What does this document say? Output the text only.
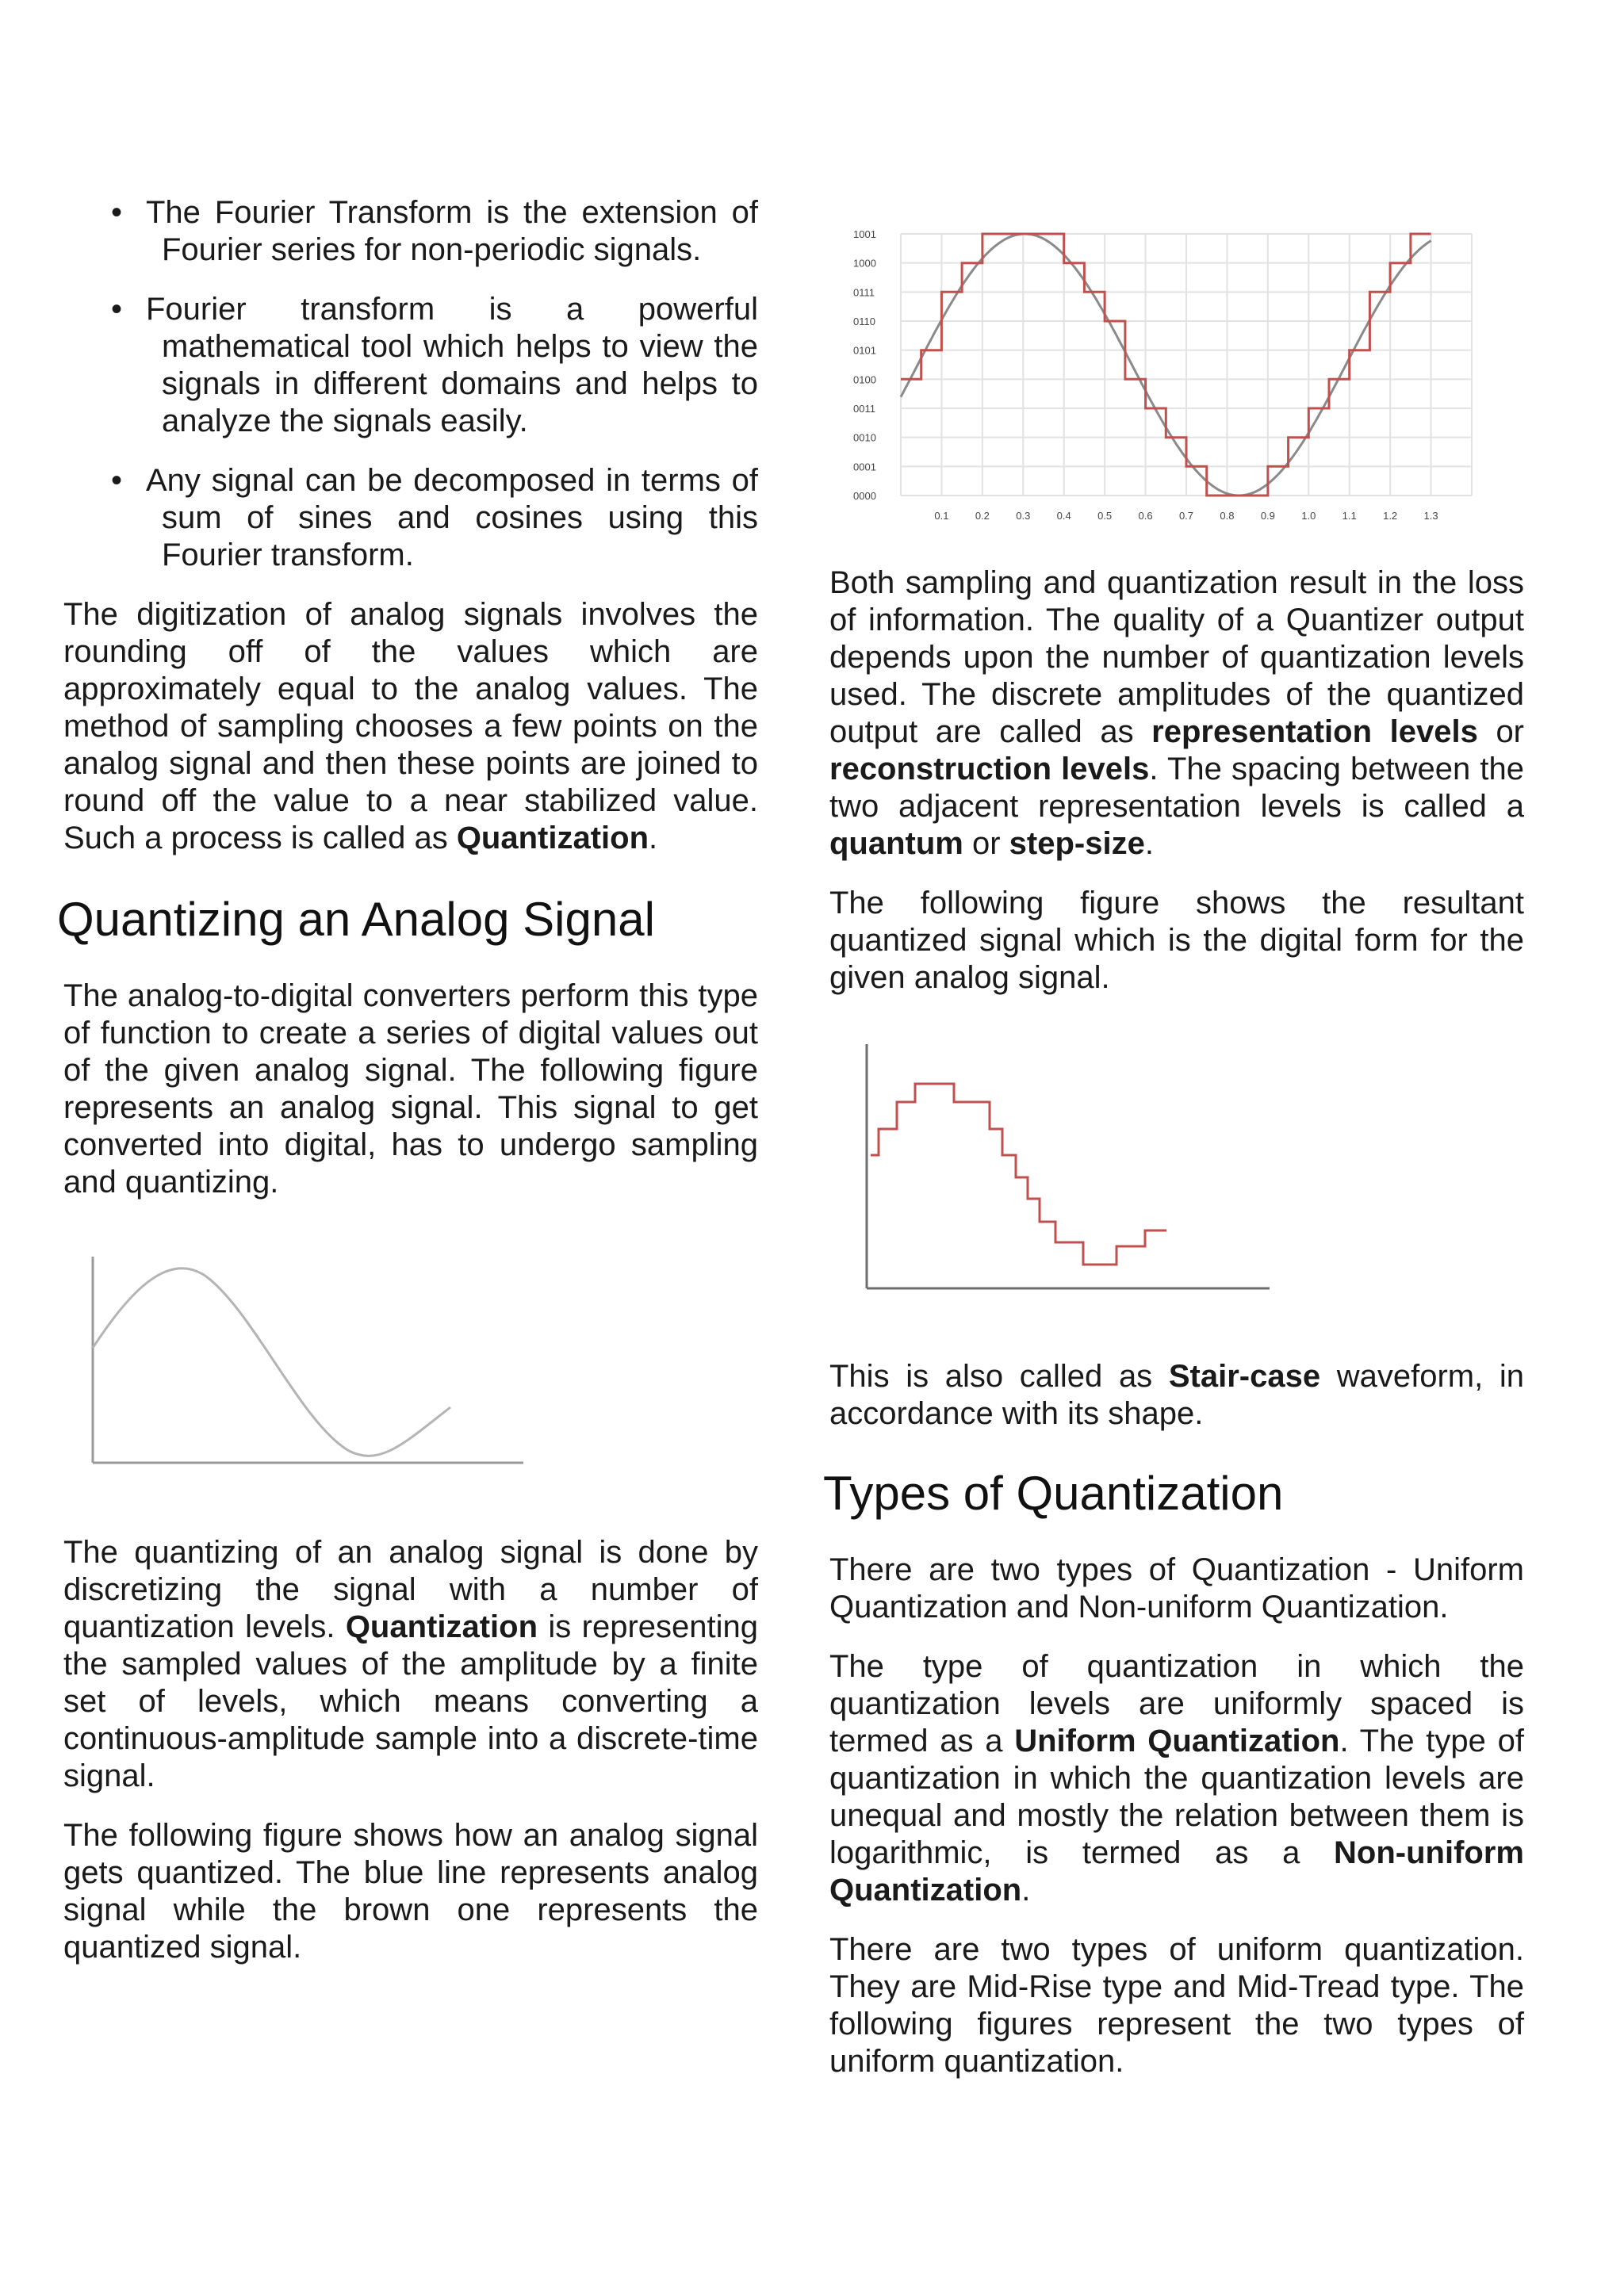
• The Fourier Transform is the extension of Fourier series for non-periodic signals.
• Fourier transform is a powerful mathematical tool which helps to view the signals in different domains and helps to analyze the signals easily.
• Any signal can be decomposed in terms of sum of sines and cosines using this Fourier transform.

The digitization of analog signals involves the rounding off of the values which are approximately equal to the analog values. The method of sampling chooses a few points on the analog signal and then these points are joined to round off the value to a near stabilized value. Such a process is called as Quantization.

Quantizing an Analog Signal

The analog-to-digital converters perform this type of function to create a series of digital values out of the given analog signal. The following figure represents an analog signal. This signal to get converted into digital, has to undergo sampling and quantizing.

The quantizing of an analog signal is done by discretizing the signal with a number of quantization levels. Quantization is representing the sampled values of the amplitude by a finite set of levels, which means converting a continuous-amplitude sample into a discrete-time signal.

The following figure shows how an analog signal gets quantized. The blue line represents analog signal while the brown one represents the quantized signal.

1001
1000
0111
0110
0101
0100
0011
0010
0001
0000
0.1	0.2	0.3	0.4	0.5	0.6	0.7	0.8	0.9	1.0	1.1	1.2	1.3

Both sampling and quantization result in the loss of information. The quality of a Quantizer output depends upon the number of quantization levels used. The discrete amplitudes of the quantized output are called as representation levels or reconstruction levels. The spacing between the two adjacent representation levels is called a quantum or step-size.

The following figure shows the resultant quantized signal which is the digital form for the given analog signal.

This is also called as Stair-case waveform, in accordance with its shape.

Types of Quantization

There are two types of Quantization - Uniform Quantization and Non-uniform Quantization.

The type of quantization in which the quantization levels are uniformly spaced is termed as a Uniform Quantization. The type of quantization in which the quantization levels are unequal and mostly the relation between them is logarithmic, is termed as a Non-uniform Quantization.

There are two types of uniform quantization. They are Mid-Rise type and Mid-Tread type. The following figures represent the two types of uniform quantization.
